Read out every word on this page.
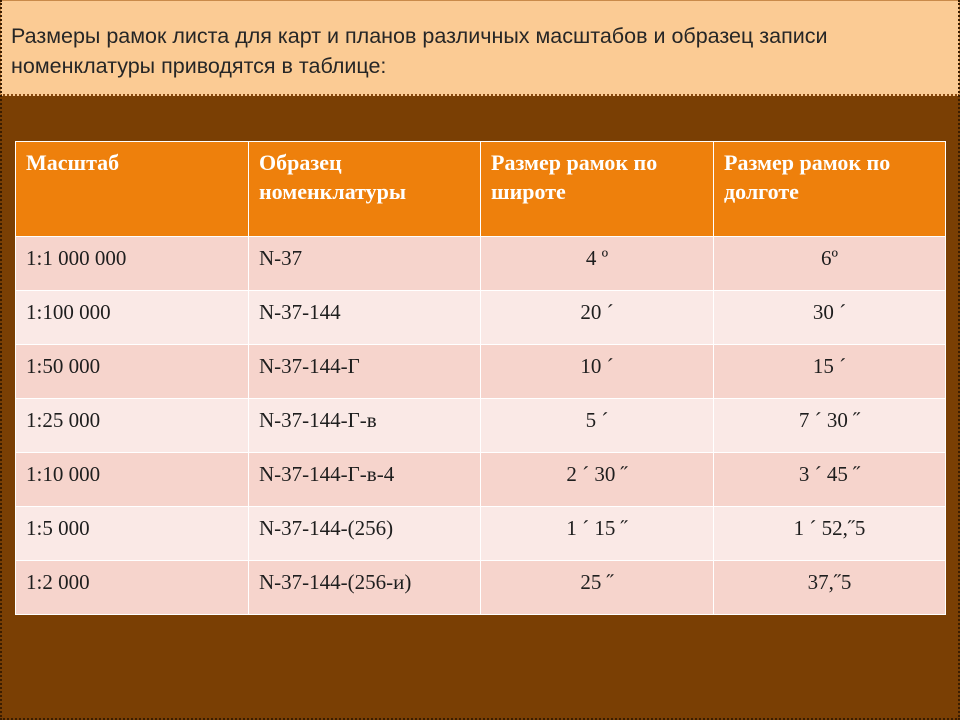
Размеры рамок листа для карт и планов различных масштабов и образец записи номенклатуры приводятся в таблице:

Масштаб	Образец номенклатуры	Размер рамок по широте	Размер рамок по долготе
1:1 000 000	N-37	4 º	6º
1:100 000	N-37-144	20 ´	30 ´
1:50 000	N-37-144-Г	10 ´	15 ´
1:25 000	N-37-144-Г-в	5 ´	7 ´ 30 ˝
1:10 000	N-37-144-Г-в-4	2 ´ 30 ˝	3 ´ 45 ˝
1:5 000	N-37-144-(256)	1 ´ 15 ˝	1 ´ 52,˝5
1:2 000	N-37-144-(256-и)	25 ˝	37,˝5
